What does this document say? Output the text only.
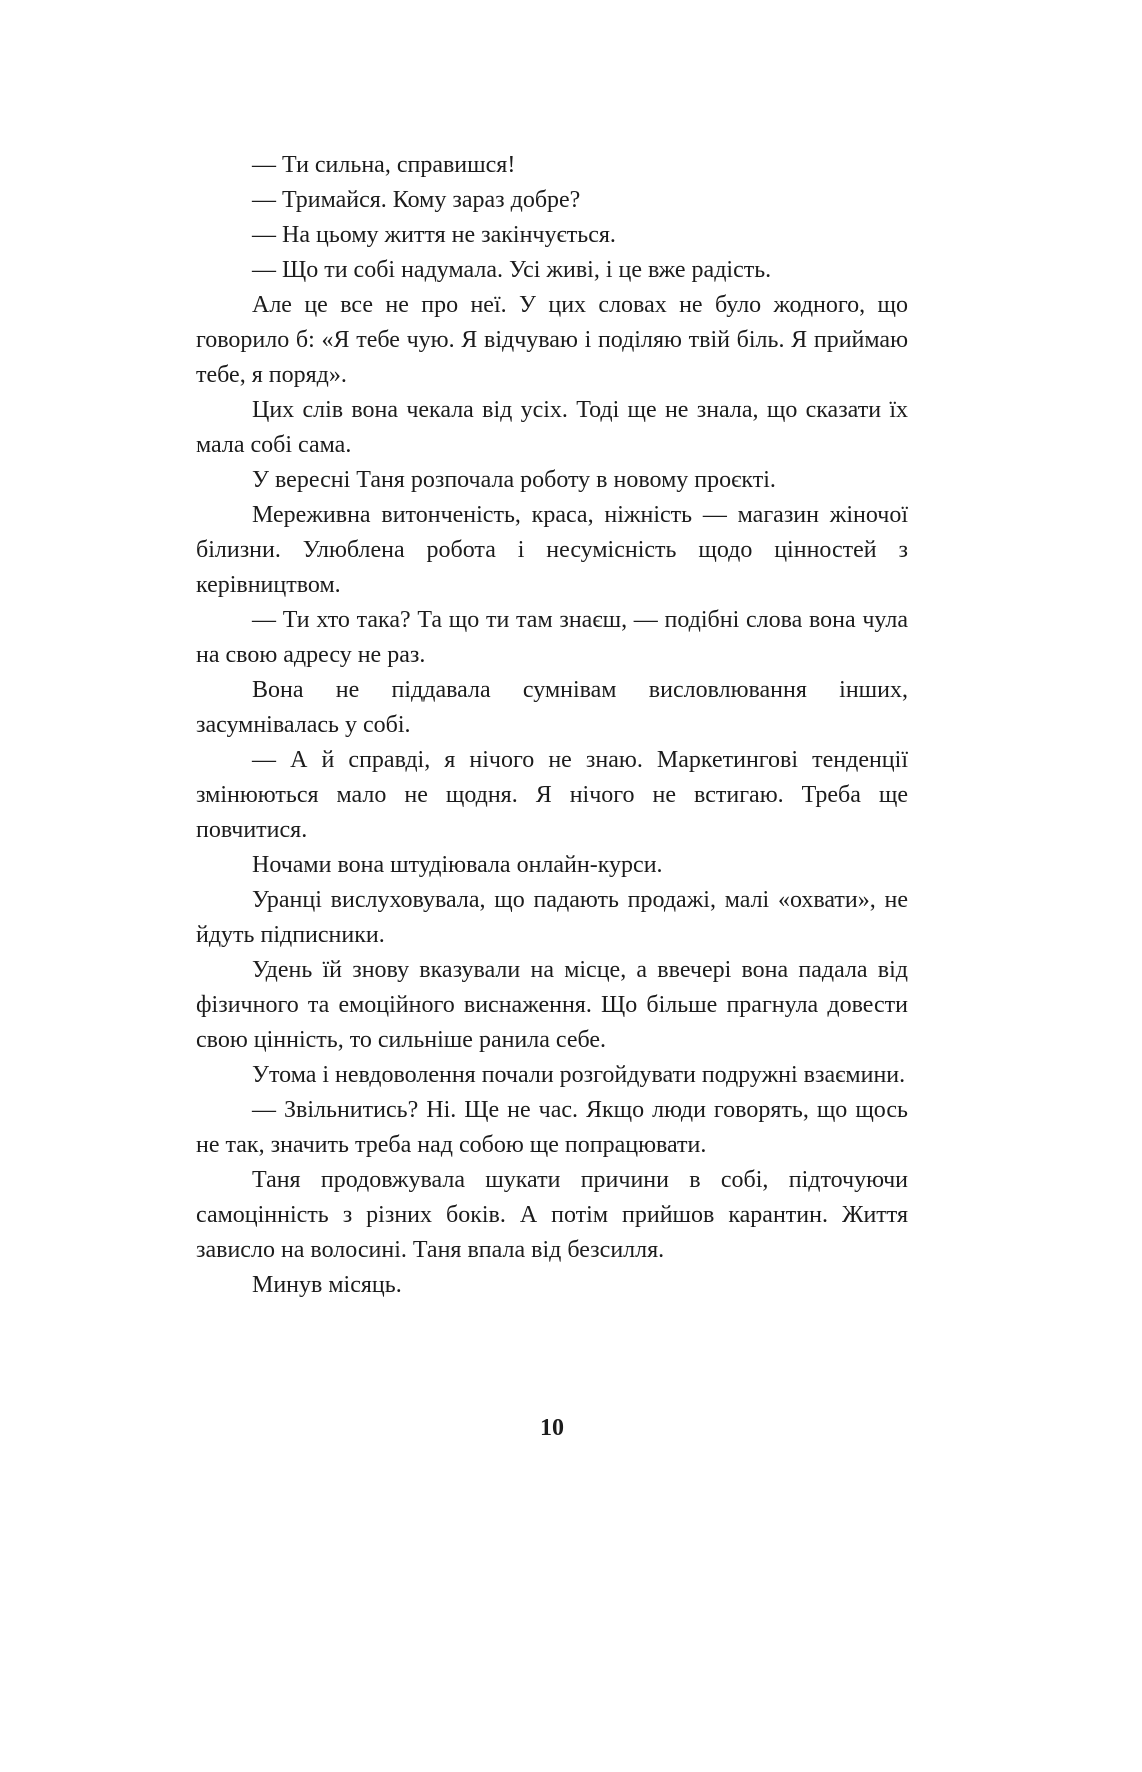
— Ти сильна, справишся!

— Тримайся. Кому зараз добре?

— На цьому життя не закінчується.

— Що ти собі надумала. Усі живі, і це вже радість.

Але це все не про неї. У цих словах не було жодного, що говорило б: «Я тебе чую. Я відчуваю і поділяю твій біль. Я приймаю тебе, я поряд».

Цих слів вона чекала від усіх. Тоді ще не знала, що сказати їх мала собі сама.

У вересні Таня розпочала роботу в новому проєкті.

Мереживна витонченість, краса, ніжність — магазин жіночої білизни. Улюблена робота і несумісність щодо цінностей з керівництвом.

— Ти хто така? Та що ти там знаєш, — подібні слова вона чула на свою адресу не раз.

Вона не піддавала сумнівам висловлювання інших, засумнівалась у собі.

— А й справді, я нічого не знаю. Маркетингові тенденції змінюються мало не щодня. Я нічого не встигаю. Треба ще повчитися.

Ночами вона штудіювала онлайн-курси.

Уранці вислуховувала, що падають продажі, малі «охвати», не йдуть підписники.

Удень їй знову вказували на місце, а ввечері вона падала від фізичного та емоційного виснаження. Що більше прагнула довести свою цінність, то сильніше ранила себе.

Утома і невдоволення почали розгойдувати подружні взаємини.

— Звільнитись? Ні. Ще не час. Якщо люди говорять, що щось не так, значить треба над собою ще попрацювати.

Таня продовжувала шукати причини в собі, підточуючи самоцінність з різних боків. А потім прийшов карантин. Життя зависло на волосині. Таня впала від безсилля.

Минув місяць.

10
